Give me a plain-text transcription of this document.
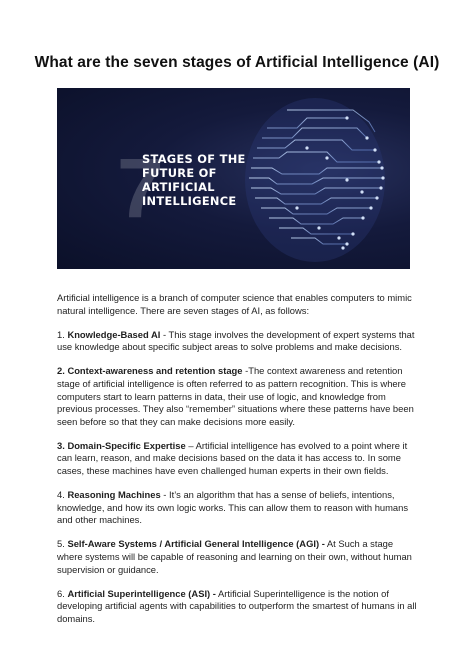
What are the seven stages of Artificial Intelligence (AI)
7
STAGES OF THE
FUTURE OF
ARTIFICIAL
INTELLIGENCE

Artificial intelligence is a branch of computer science that enables computers to mimic natural intelligence. There are seven stages of AI, as follows:

1. Knowledge-Based AI - This stage involves the development of expert systems that use knowledge about specific subject areas to solve problems and make decisions.

2. Context-awareness and retention stage -The context awareness and retention stage of artificial intelligence is often referred to as pattern recognition. This is where computers start to learn patterns in data, their use of logic, and knowledge from previous processes. They also “remember” situations where these patterns have been seen before so that they can make decisions more easily.

3. Domain-Specific Expertise – Artificial intelligence has evolved to a point where it can learn, reason, and make decisions based on the data it has access to. In some cases, these machines have even challenged human experts in their own fields.

4. Reasoning Machines - It’s an algorithm that has a sense of beliefs, intentions, knowledge, and how its own logic works. This can allow them to reason with humans and other machines.

5. Self-Aware Systems / Artificial General Intelligence (AGI) - At Such a stage where systems will be capable of reasoning and learning on their own, without human supervision or guidance.

6. Artificial Superintelligence (ASI) - Artificial Superintelligence is the notion of developing artificial agents with capabilities to outperform the smartest of humans in all domains.
